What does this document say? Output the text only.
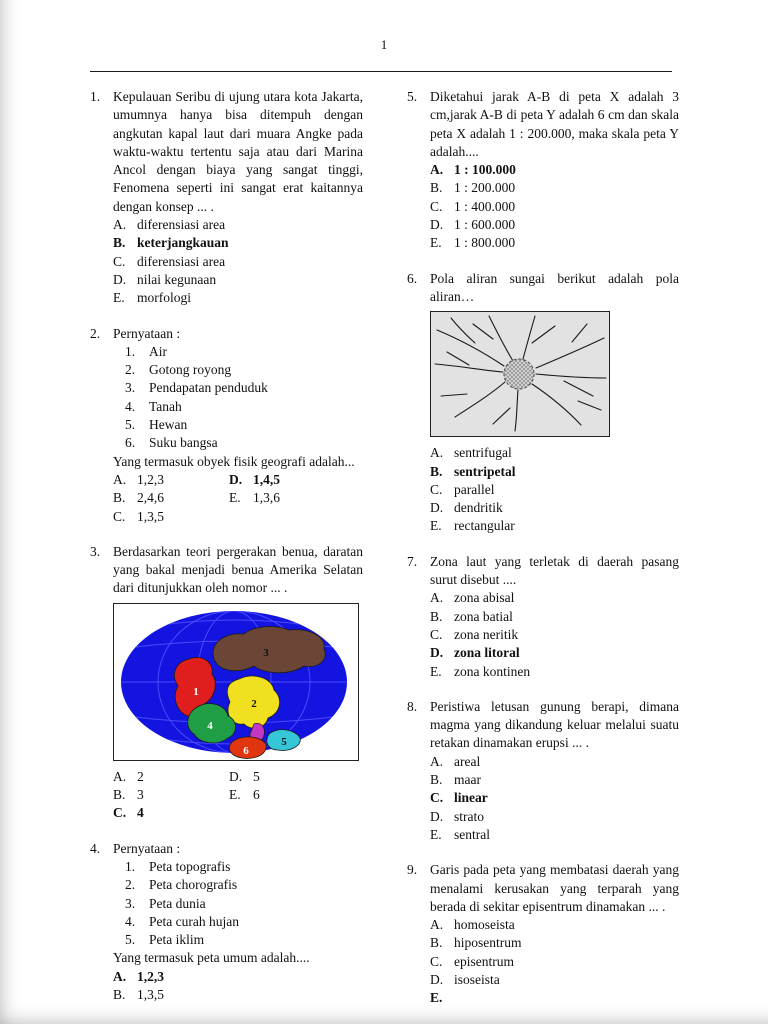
1
1. Kepulauan Seribu di ujung utara kota Jakarta, umumnya hanya bisa ditempuh dengan angkutan kapal laut dari muara Angke pada waktu-waktu tertentu saja atau dari Marina Ancol dengan biaya yang sangat tinggi, Fenomena seperti ini sangat erat kaitannya dengan konsep ... .
A. diferensiasi area
B. keterjangkauan
C. diferensiasi area
D. nilai kegunaan
E. morfologi
2. Pernyataan :
1.	Air
2.	Gotong royong
3.	Pendapatan penduduk
4.	Tanah
5.	Hewan
6.	Suku bangsa
Yang termasuk obyek fisik geografi adalah...
A. 1,2,3
B. 2,4,6
C. 1,3,5
D. 1,4,5
E. 1,3,6
3. Berdasarkan teori pergerakan benua, daratan yang bakal menjadi benua Amerika Selatan dari ditunjukkan oleh nomor ... .
1
2
3
4
5
6
A. 2
B. 3
C. 4
D. 5
E. 6
4. Pernyataan :
1.	Peta topografis
2.	Peta chorografis
3.	Peta dunia
4.	Peta curah hujan
5.	Peta iklim
Yang termasuk peta umum adalah....
A. 1,2,3
B. 1,3,5
5. Diketahui jarak A-B di peta X adalah 3 cm,jarak A-B di peta Y adalah 6 cm dan skala peta X adalah 1 : 200.000, maka skala peta Y adalah....
A. 1 : 100.000
B. 1 : 200.000
C. 1 : 400.000
D. 1 : 600.000
E. 1 : 800.000
6. Pola aliran sungai berikut adalah pola aliran…
A. sentrifugal
B. sentripetal
C. parallel
D. dendritik
E. rectangular
7. Zona laut yang terletak di daerah pasang surut disebut ....
A. zona abisal
B. zona batial
C. zona neritik
D. zona litoral
E. zona kontinen
8. Peristiwa letusan gunung berapi, dimana magma yang dikandung keluar melalui suatu retakan dinamakan erupsi ... .
A. areal
B. maar
C. linear
D. strato
E. sentral
9. Garis pada peta yang membatasi daerah yang menalami kerusakan yang terparah yang berada di sekitar episentrum dinamakan ... .
A. homoseista
B. hiposentrum
C. episentrum
D. isoseista
E.
